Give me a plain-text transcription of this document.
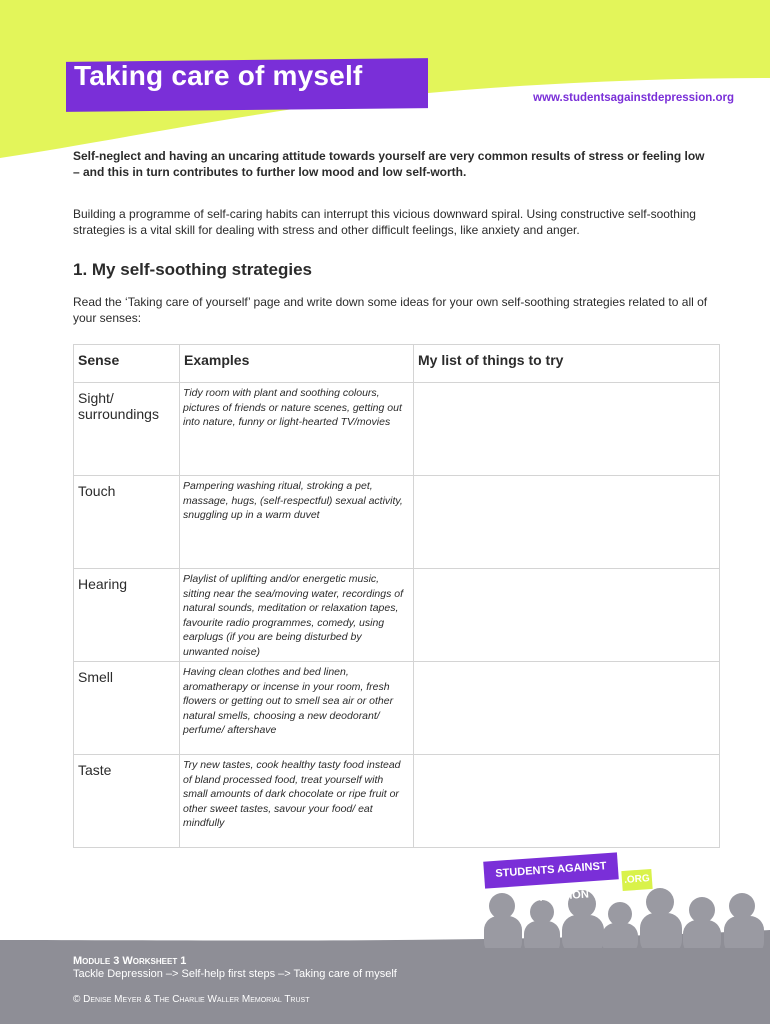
Taking care of myself
www.studentsagainstdepression.org
Self-neglect and having an uncaring attitude towards yourself are very common results of stress or feeling low – and this in turn contributes to further low mood and low self-worth.
Building a programme of self-caring habits can interrupt this vicious downward spiral. Using constructive self-soothing strategies is a vital skill for dealing with stress and other difficult feelings, like anxiety and anger.
1. My self-soothing strategies
Read the ‘Taking care of yourself’ page and write down some ideas for your own self-soothing strategies related to all of your senses:
Sense	Examples	My list of things to try
Sight/ surroundings	Tidy room with plant and soothing colours, pictures of friends or nature scenes, getting out into nature, funny or light-hearted TV/movies	
Touch	Pampering washing ritual, stroking a pet, massage, hugs, (self-respectful) sexual activity, snuggling up in a warm duvet	
Hearing	Playlist of uplifting and/or energetic music, sitting near the sea/moving water, recordings of natural sounds, meditation or relaxation tapes, favourite radio programmes, comedy, using earplugs (if you are being disturbed by unwanted noise)	
Smell	Having clean clothes and bed linen, aromatherapy or incense in your room, fresh flowers or getting out to smell sea air or other natural smells, choosing a new deodorant/ perfume/ aftershave	
Taste	Try new tastes, cook healthy tasty food instead of bland processed food, treat yourself with small amounts of dark chocolate or ripe fruit or other sweet tastes, savour your food/ eat mindfully	
STUDENTS AGAINST DEPRESSION
.ORG
Module 3 Worksheet 1
Tackle Depression –> Self-help first steps –> Taking care of myself
© Denise Meyer & The Charlie Waller Memorial Trust
